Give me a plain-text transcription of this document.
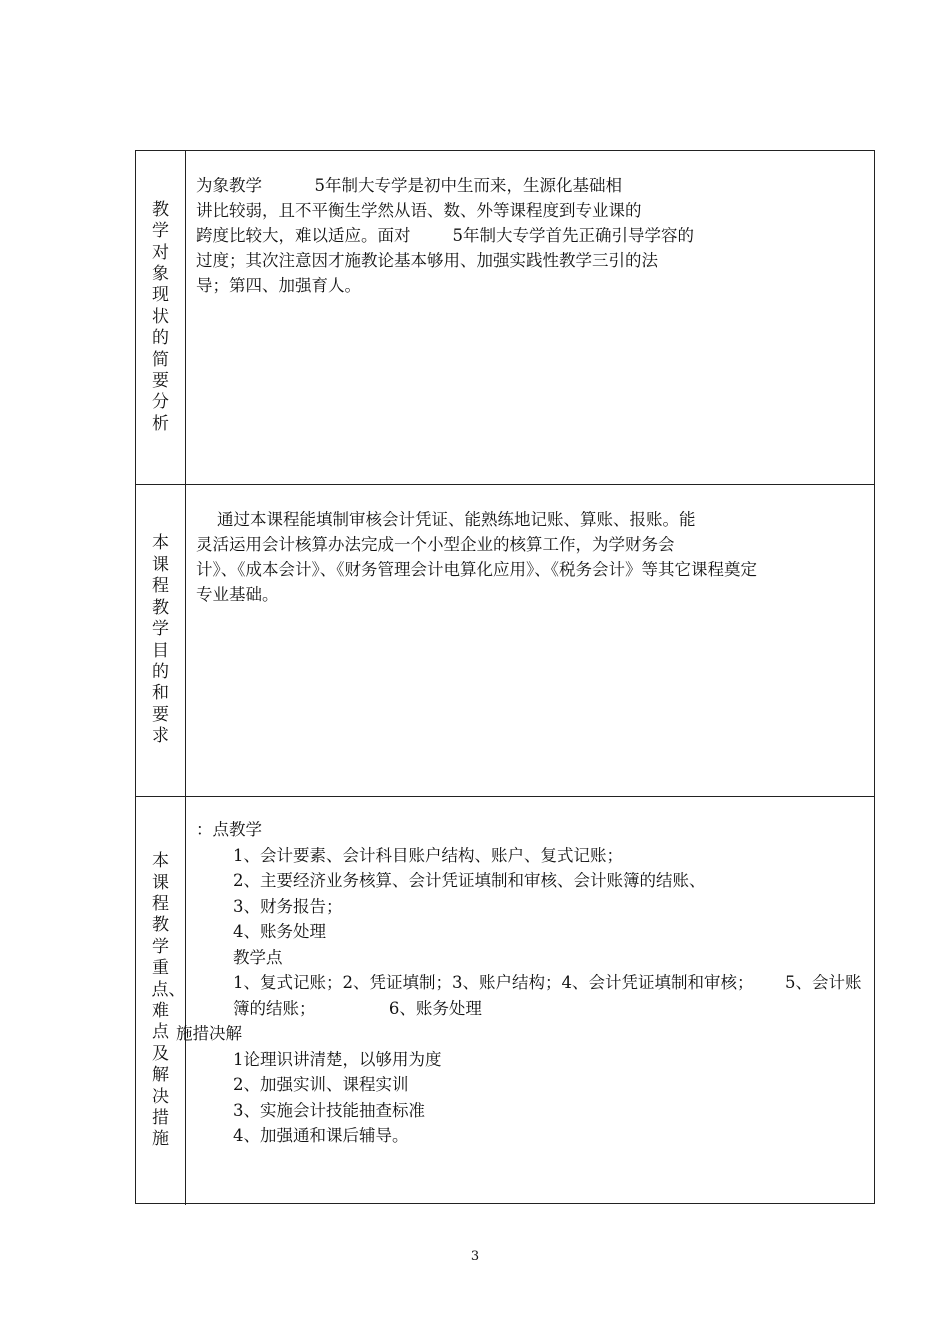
教学对象现状的简要分析

为象教学          5年制大专学是初中生而来，生源化基础相

讲比较弱，且不平衡生学然从语、数、外等课程度到专业课的

跨度比较大，难以适应。面对        5年制大专学首先正确引导学容的

过度；其次注意因才施教论基本够用、加强实践性教学三引的法

导；第四、加强育人。

本课程教学目的和要求

通过本课程能填制审核会计凭证、能熟练地记账、算账、报账。能

灵活运用会计核算办法完成一个小型企业的核算工作，为学财务会

计》、《成本会计》、《财务管理会计电算化应用》、《税务会计》等其它课程奠定

专业基础。

本课程教学重点、难点及解决措施

：点教学

1、会计要素、会计科目账户结构、账户、复式记账；

2、主要经济业务核算、会计凭证填制和审核、会计账簿的结账、

3、财务报告；

4、账务处理

教学点

1、复式记账；2、凭证填制；3、账户结构；4、会计凭证填制和审核；      5、会计账

簿的结账；              6、账务处理

施措决解

1论理识讲清楚，以够用为度

2、加强实训、课程实训

3、实施会计技能抽查标准

4、加强通和课后辅导。

3
